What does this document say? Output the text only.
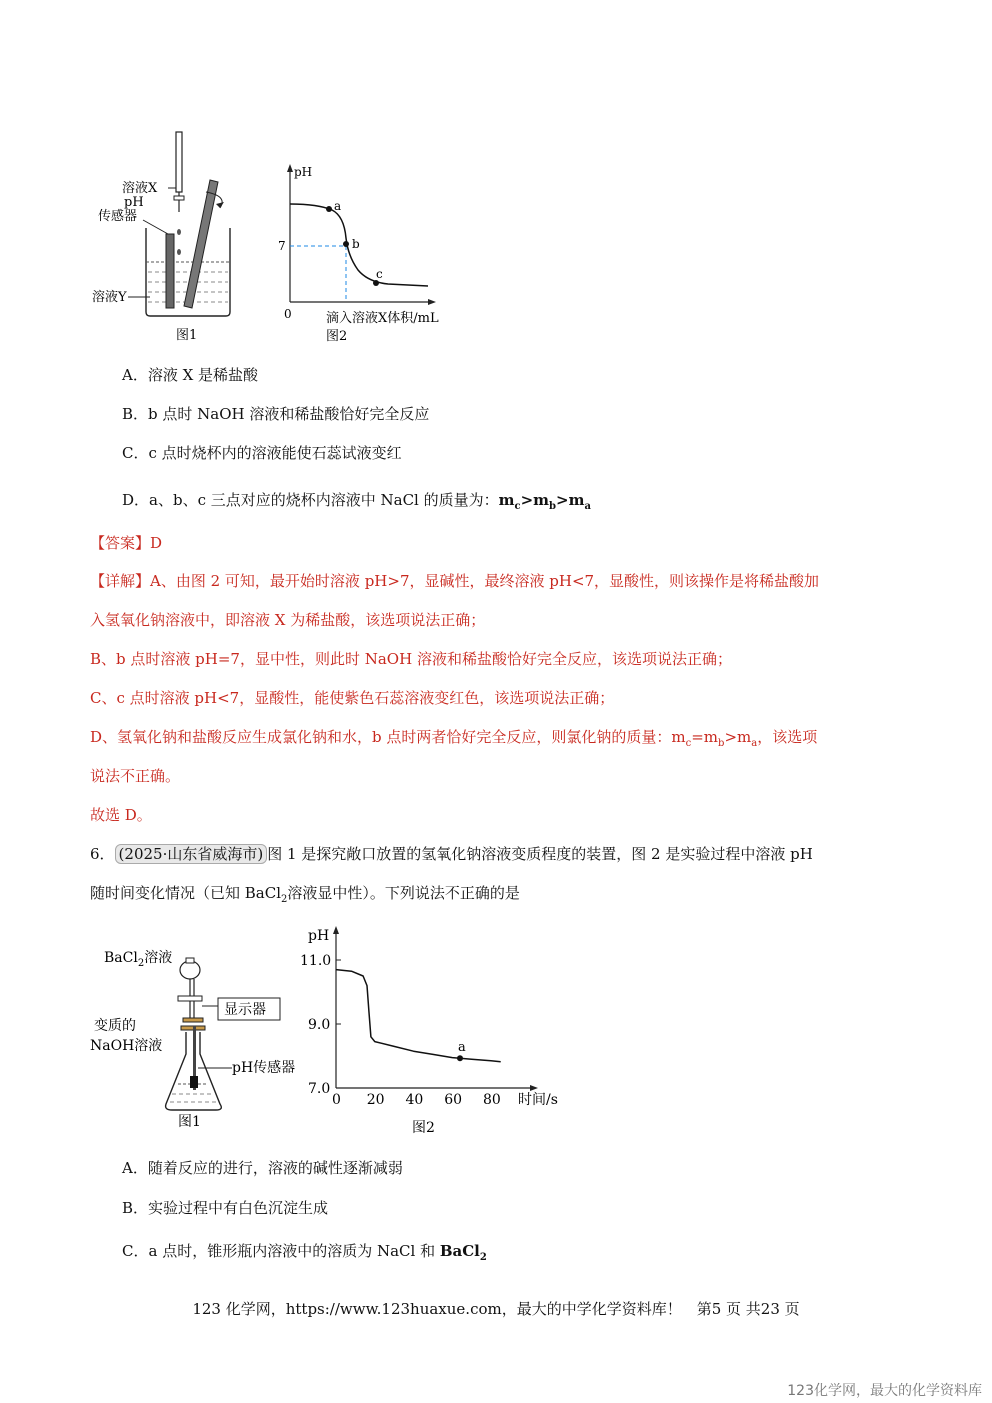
溶液X
pH
传感器
溶液Y
图1
a
b
c
pH
7
0	滴入溶液X体积/mL
图2
A．溶液 X 是稀盐酸
B．b 点时 NaOH 溶液和稀盐酸恰好完全反应
C．c 点时烧杯内的溶液能使石蕊试液变红
D．a、b、c 三点对应的烧杯内溶液中 NaCl 的质量为：$m_c>m_b>m_a$

【答案】D

【详解】A、由图 2 可知，最开始时溶液 pH>7，显碱性，最终溶液 pH<7，显酸性，则该操作是将稀盐酸加

入氢氧化钠溶液中，即溶液 X 为稀盐酸，该选项说法正确；

B、b 点时溶液 pH=7，显中性，则此时 NaOH 溶液和稀盐酸恰好完全反应，该选项说法正确；

C、c 点时溶液 pH<7，显酸性，能使紫色石蕊溶液变红色，该选项说法正确；

D、氢氧化钠和盐酸反应生成氯化钠和水，b 点时两者恰好完全反应，则氯化钠的质量：$m_c=m_b>m_a$，该选项

说法不正确。

故选 D。

6． (2025·山东省威海市) 图 1 是探究敞口放置的氢氧化钠溶液变质程度的装置，图 2 是实验过程中溶液 pH
随时间变化情况（已知 BaCl$_2$溶液显中性）。下列说法不正确的是
BaCl$_2$溶液
显示器
变质的
NaOH溶液
pH传感器
图1
pH
11.0
9.0
7.0
时间/s
图2
0 20 40 60 80
a
A．随着反应的进行，溶液的碱性逐渐减弱
B．实验过程中有白色沉淀生成
C．a 点时，锥形瓶内溶液中的溶质为 NaCl 和 BaCl$_2$
123 化学网，https://www.123huaxue.com，最大的中学化学资料库！　第5 页 共23 页
123化学网，最大的化学资料库
